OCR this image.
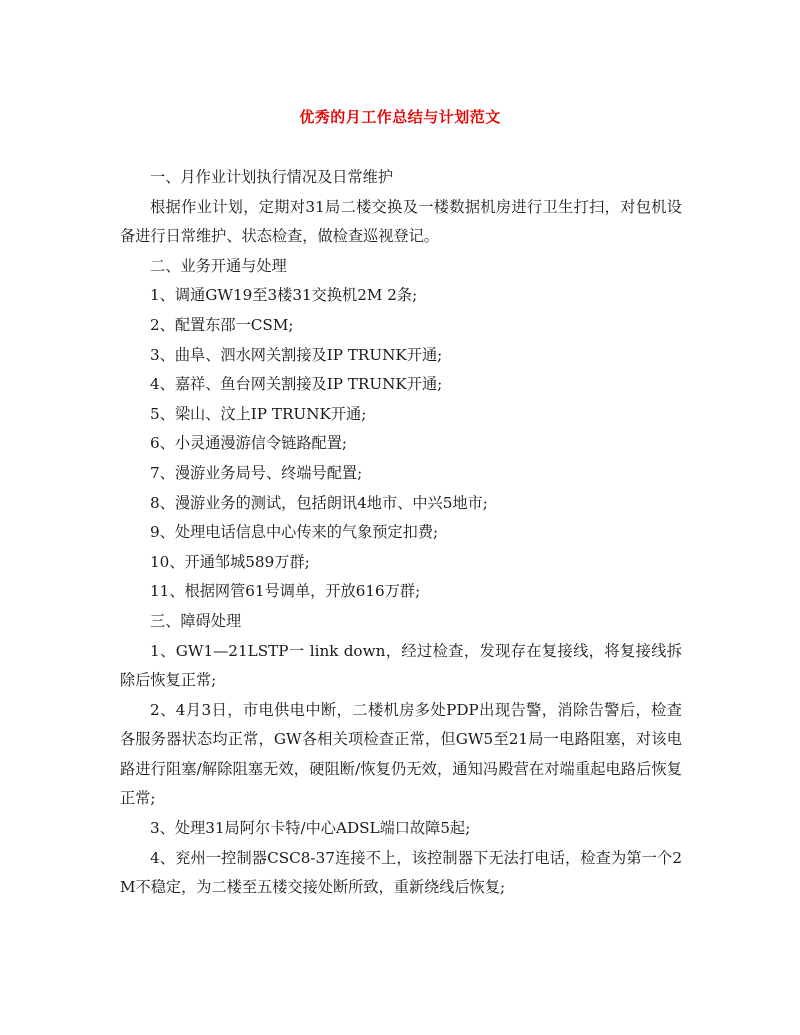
优秀的月工作总结与计划范文

一、月作业计划执行情况及日常维护

根据作业计划，定期对31局二楼交换及一楼数据机房进行卫生打扫，对包机设备进行日常维护、状态检查，做检查巡视登记。

二、业务开通与处理

1、调通GW19至3楼31交换机2M 2条;

2、配置东邵一CSM;

3、曲阜、泗水网关割接及IP TRUNK开通;

4、嘉祥、鱼台网关割接及IP TRUNK开通;

5、梁山、汶上IP TRUNK开通;

6、小灵通漫游信令链路配置;

7、漫游业务局号、终端号配置;

8、漫游业务的测试，包括朗讯4地市、中兴5地市;

9、处理电话信息中心传来的气象预定扣费;

10、开通邹城589万群;

11、根据网管61号调单，开放616万群;

三、障碍处理

1、GW1—21LSTP一 link down，经过检查，发现存在复接线，将复接线拆除后恢复正常;

2、4月3日，市电供电中断，二楼机房多处PDP出现告警，消除告警后，检查各服务器状态均正常，GW各相关项检查正常，但GW5至21局一电路阻塞，对该电路进行阻塞/解除阻塞无效，硬阻断/恢复仍无效，通知冯殿营在对端重起电路后恢复正常;

3、处理31局阿尔卡特/中心ADSL端口故障5起;

4、兖州一控制器CSC8-37连接不上，该控制器下无法打电话，检查为第一个2M不稳定，为二楼至五楼交接处断所致，重新绕线后恢复;
